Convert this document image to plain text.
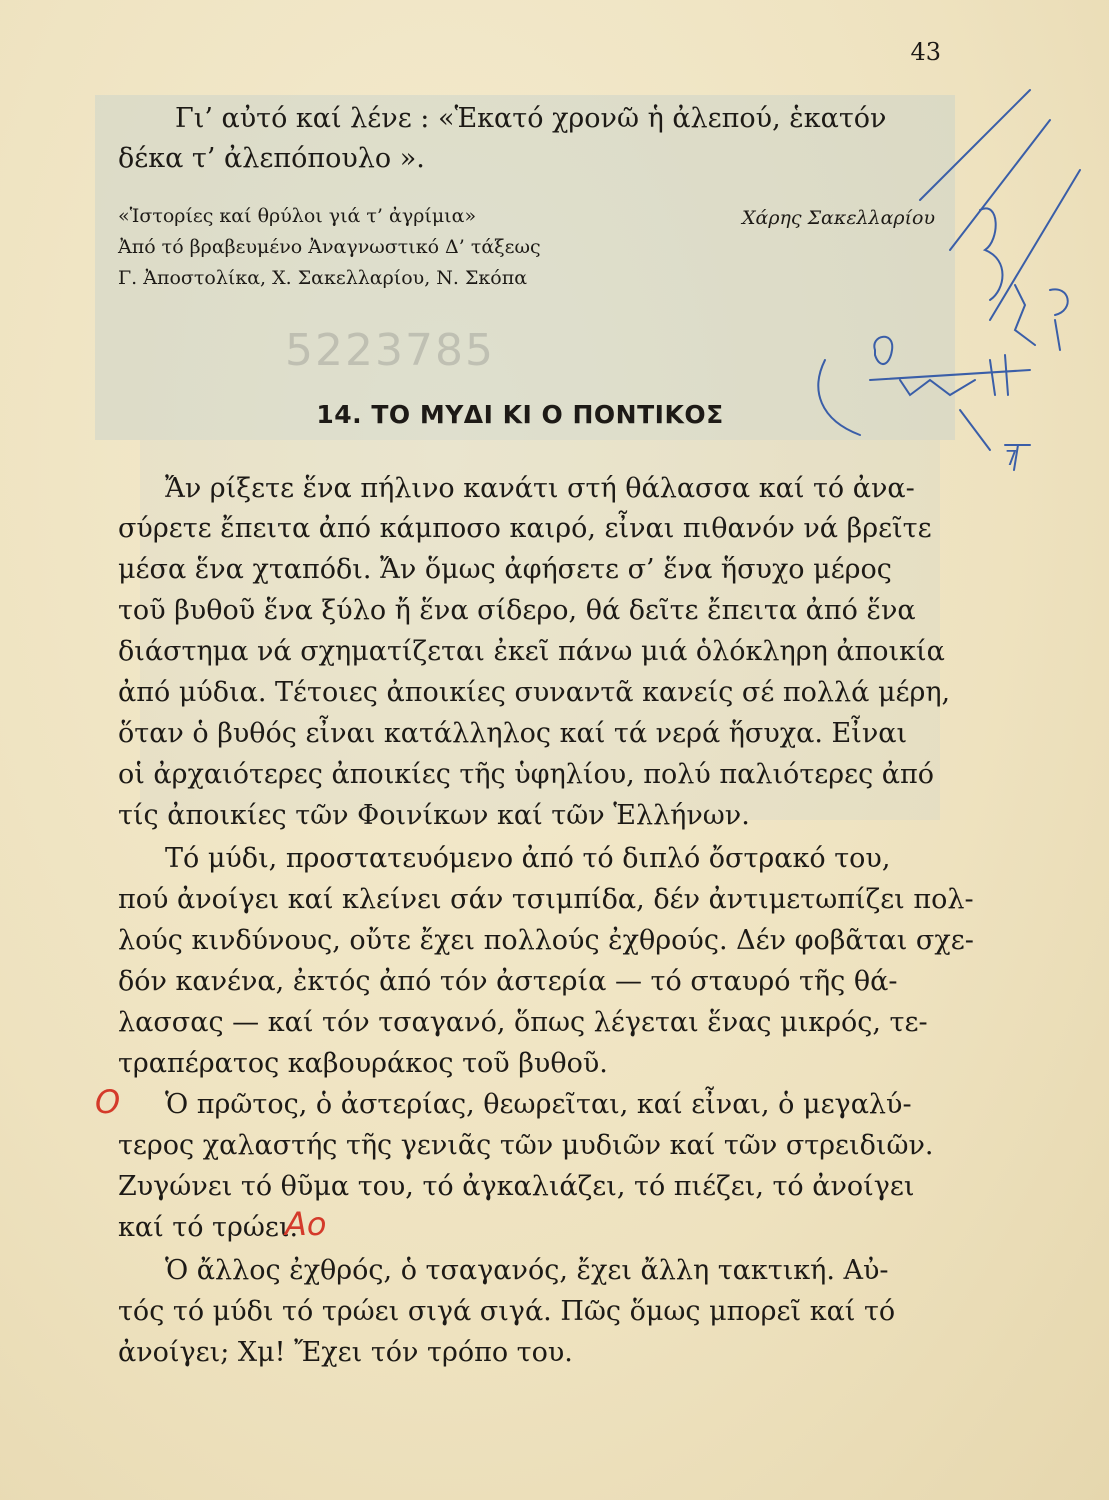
43
Γι’ αὐτό καί λένε : «Ἑκατό χρονῶ ἡ ἀλεπού, ἑκατόν
δέκα τ’ ἀλεπόπουλο ».
«Ἱστορίες καί θρύλοι γιά τ’ ἀγρίμια»
Ἀπό τό βραβευμένο Ἀναγνωστικό Δ’ τάξεως
Γ. Ἀποστολίκα, Χ. Σακελλαρίου, Ν. Σκόπα
Χάρης Σακελλαρίου
5223785
14. ΤΟ ΜΥΔΙ ΚΙ Ο ΠΟΝΤΙΚΟΣ
Ἄν ρίξετε ἕνα πήλινο κανάτι στή θάλασσα καί τό ἀνα-
σύρετε ἔπειτα ἀπό κάμποσο καιρό, εἶναι πιθανόν νά βρεῖτε
μέσα ἕνα χταπόδι. Ἄν ὅμως ἀφήσετε σ’ ἕνα ἥσυχο μέρος
τοῦ βυθοῦ ἕνα ξύλο ἤ ἕνα σίδερο, θά δεῖτε ἔπειτα ἀπό ἕνα
διάστημα νά σχηματίζεται ἐκεῖ πάνω μιά ὁλόκληρη ἀποικία
ἀπό μύδια. Τέτοιες ἀποικίες συναντᾶ κανείς σέ πολλά μέρη,
ὅταν ὁ βυθός εἶναι κατάλληλος καί τά νερά ἥσυχα. Εἶναι
οἱ ἀρχαιότερες ἀποικίες τῆς ὑφηλίου, πολύ παλιότερες ἀπό
τίς ἀποικίες τῶν Φοινίκων καί τῶν Ἑλλήνων.
Τό μύδι, προστατευόμενο ἀπό τό διπλό ὄστρακό του,
πού ἀνοίγει καί κλείνει σάν τσιμπίδα, δέν ἀντιμετωπίζει πολ-
λούς κινδύνους, οὔτε ἔχει πολλούς ἐχθρούς. Δέν φοβᾶται σχε-
δόν κανένα, ἐκτός ἀπό τόν ἀστερία — τό σταυρό τῆς θά-
λασσας — καί τόν τσαγανό, ὅπως λέγεται ἕνας μικρός, τε-
τραπέρατος καβουράκος τοῦ βυθοῦ.
O Ὁ πρῶτος, ὁ ἀστερίας, θεωρεῖται, καί εἶναι, ὁ μεγαλύ-
τερος χαλαστής τῆς γενιᾶς τῶν μυδιῶν καί τῶν στρειδιῶν.
Ζυγώνει τό θῦμα του, τό ἀγκαλιάζει, τό πιέζει, τό ἀνοίγει
καί τό τρώει.
Ao
Ὁ ἄλλος ἐχθρός, ὁ τσαγανός, ἔχει ἄλλη τακτική. Αὐ-
τός τό μύδι τό τρώει σιγά σιγά. Πῶς ὅμως μπορεῖ καί τό
ἀνοίγει; Χμ! Ἔχει τόν τρόπο του.
7
